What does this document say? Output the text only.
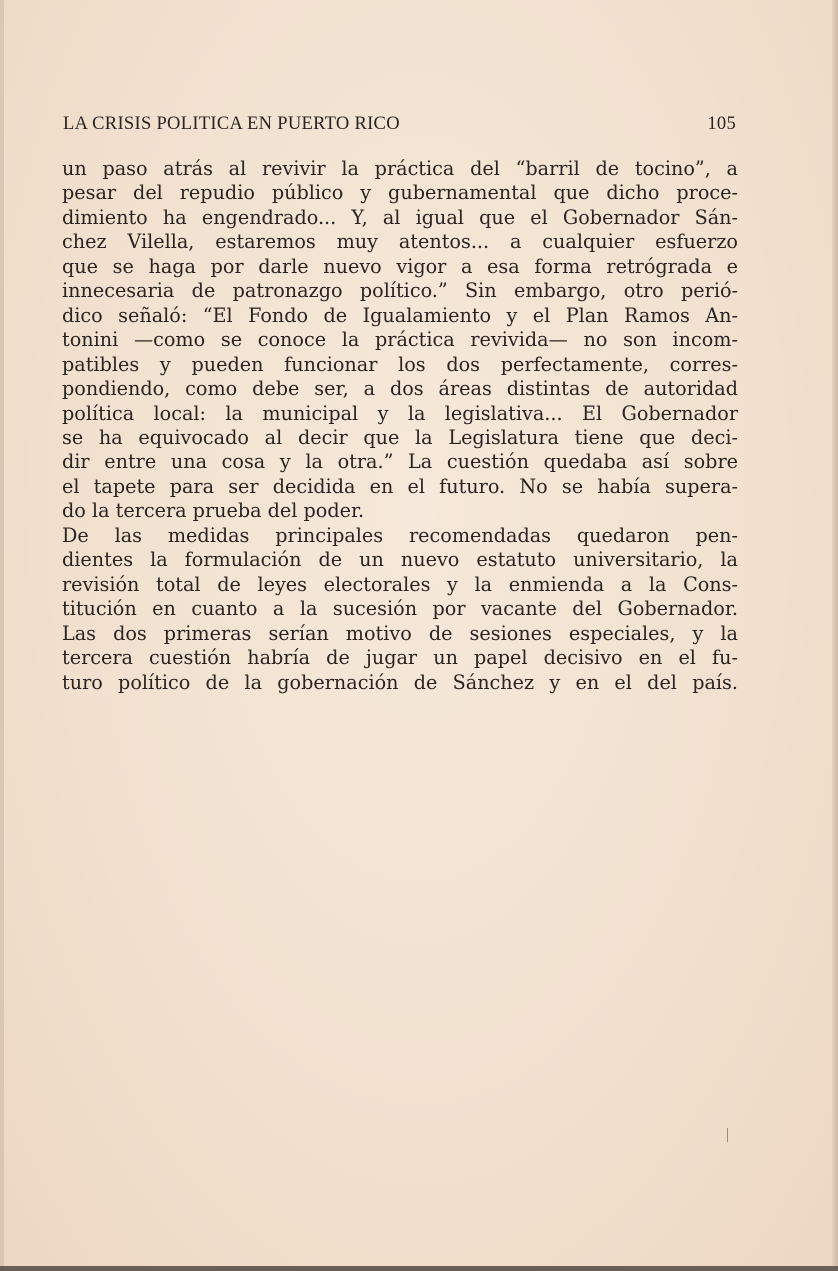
LA CRISIS POLITICA EN PUERTO RICO	105
un paso atrás al revivir la práctica del “barril de tocino”, a
pesar del repudio público y gubernamental que dicho proce-
dimiento ha engendrado... Y, al igual que el Gobernador Sán-
chez Vilella, estaremos muy atentos... a cualquier esfuerzo
que se haga por darle nuevo vigor a esa forma retrógrada e
innecesaria de patronazgo político.” Sin embargo, otro perió-
dico señaló: “El Fondo de Igualamiento y el Plan Ramos An-
tonini —como se conoce la práctica revivida— no son incom-
patibles y pueden funcionar los dos perfectamente, corres-
pondiendo, como debe ser, a dos áreas distintas de autoridad
política local: la municipal y la legislativa... El Gobernador
se ha equivocado al decir que la Legislatura tiene que deci-
dir entre una cosa y la otra.” La cuestión quedaba así sobre
el tapete para ser decidida en el futuro. No se había supera-
do la tercera prueba del poder.
De las medidas principales recomendadas quedaron pen-
dientes la formulación de un nuevo estatuto universitario, la
revisión total de leyes electorales y la enmienda a la Cons-
titución en cuanto a la sucesión por vacante del Gobernador.
Las dos primeras serían motivo de sesiones especiales, y la
tercera cuestión habría de jugar un papel decisivo en el fu-
turo político de la gobernación de Sánchez y en el del país.
